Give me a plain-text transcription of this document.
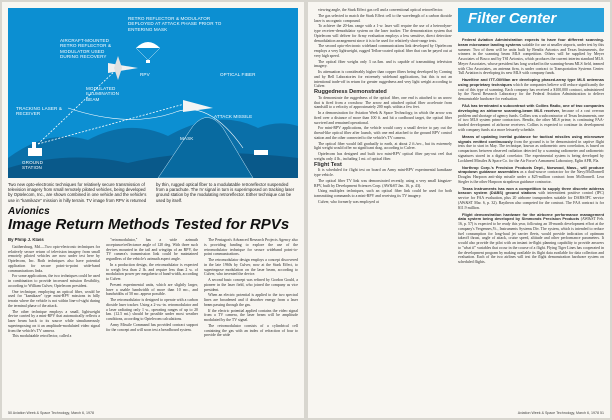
RETRO REFLECTOR & MODULATOR DEPLOYED AT ATTACK PHASE PRIOR TO ENTERING MASK
AIRCRAFT-MOUNTED RETRO REFLECTOR & MODULATOR USED DURING RECOVERY
OPTICAL FIBER
MODULATED ILLUMINATION BEAM
TRACKING LASER & RECEIVER
GROUND STATION
MASK
ATTACK MISSILE
RPV
Two new opto-electronic techniques for relatively secure transmission of television imagery from small remotely piloted vehicles, being developed by Optelecom, Inc., are shown combined in one vehicle and the vehicle's use in "kamikaze" mission in hilly terrain. TV image from RPV is returned by thin, rugged optical fiber to a modulatable retroreflector suspended from a parachute. The IV signal in turn is superimposed on tracking laser ground station by the modulating retroreflector. Either technique can be used by itself.
Avionics
Image Return Methods Tested for RPVs
By Philip J. Klass

Gaithersburg, Md.—Two opto-electronic techniques for relatively secure return of television imagery from small remotely piloted vehicles are now under test here by Optelecom, Inc. Both techniques also have potential application for secure point-to-point wide-band communications links.

For some applications, the two techniques could be used in combination to provide increased mission flexibility, according to William Culver, Optelecom president.

One technique, employing an optical fiber, would be used for "kamikaze" type mini-RPV missions in hilly terrain where the vehicle is not within line-of-sight during the terminal phase of the attack.

The other technique employs a small, lightweight device carried by a mini-RPV that automatically reflects a laser beam back to its source while simultaneously superimposing on it an amplitude-modulated video signal from the vehicle's TV camera.

This modulatable retroflector, called a

"retromodulator," has a wide azimuth acceptance/reflectance angle of 120 deg. With three such devices mounted in the tail and wingtips of an RPV, the TV camera's transmission link could be maintained regardless of the vehicle's azimuth aspect angle.

In a production design, the retromodulator is expected to weigh less than 2 lb. and require less than 2 w. of modulation power per megahertz of band-width, according to Culver.

Present experimental units, which are slightly larger, have a usable bandwidth of more than 10 mc., and bandwidths of 50 mc. appear possible.

The retromodulator is designed to operate with a carbon dioxide laser tracker. Using a 2-cu.-in. retromodulator and a laser radiating only 1 w., operating ranges of up to 20 km. (12.5 mi.) should be possible under most weather conditions, according to Optelecom calculations.

Army Missile Command has provided contract support for the concept and will soon test a breadboard system.

The Pentagon's Advanced Research Projects Agency also is providing funding to explore the use of the retromodulator technique for secure wideband point-to-point communications.

The retromodulator design employs a concept discovered in the late 1960s by Culver, now at the Stark Effect, to superimpose modulation on the laser beam, according to Culver, who invented the device.

A second basic concept was refined by Gordon Gould, a pioneer in the laser field, who joined the company as vice president.

When an electric potential is applied to the two spectral lines are broadened and if absorber energy from a laser beam passing through the gas.

If the electric potential applied contains the video signal from a TV camera, the laser beam will be amplitude modulated by the TV signal.

The retromodulator consists of a cylindrical cell containing the gas with an index of refraction of four to provide the wide

50 Aviation Week & Space Technology, March 6, 1978

viewing angle, the Stark Effect gas cell and a conventional optical retroreflector.

The gas selected to match the Stark Effect cell to the wavelength of a carbon dioxide laser is an organic compound.

To achieve the 20-km. range with a 1-w. laser will require the use of a heterodyne-type receiver-demodulator system on the laser tracker. The demonstration system that Optelecom will deliver for Army evaluation employs a less sensitive, direct detection-demodulation arrangement since it is to be used for relatively short-range tests.

The second opto-electronic wideband communications link developed by Optelecom employs a very lightweight, rugged Teflon-coated optical fiber that can be payed out at very high speed.

The optical fiber weighs only 3 oz./km. and is capable of transmitting television imagery.

Its attenuation is considerably higher than copper fibers being developed by Corning and by Bell Laboratories for extremely wideband applications, but this is not an intentional trade-off in return for greater ruggedness and very light weight according to Culver.

Ruggedness Demonstrated

To demonstrate the ruggedness of the optical fiber, one end is attached to an arrow that is fired from a crossbow. The arrow and attached optical fiber accelerate from standstill to a velocity of approximately 200 mph. within a few feet.

In a demonstration for Aviation Week & Space Technology, in which the arrow was fired over a distance of more than 100 ft. and hit a cardboard target, the optical fiber survived and remained operational.

For mini-RPV applications, the vehicle would carry a small device to pay out the thread-like optical fiber after launch, with one end attached to the ground RPV control station and the other connected to the vehicle's TV camera.

The optical fiber would fall gradually to earth, at about 2 ft./sec., but its extremely light weight would offer no significant drag, according to Culver.

Optelecom has designed and built two mini-RPV optical fiber pay-out reel that weighs only 4 lb., including 1 mi. of optical fiber.

Flight Test

It is scheduled for flight test on board an Army mini-RPV experimental kamikaze type vehicle.

The optical fiber TV link was demonstrated recently, using a very small kingsize-RPV, built by Development Sciences Corp. (AW&ST Jan. 16, p. 43).

Using multiplex techniques, such an optical fiber link could be used for both transmitting commands to a mini-RPV and receiving its TV imagery.

Culver, who formerly was employed at

Filter Center

Federal Aviation Administration expects to have four different scanning-beam microwave landing systems suitable for use at smaller airports, under test by this summer. Two of them will be units built by Bendix Avionics and Texas Instruments, the winners in the scanning beam MLS competition. Others will be supplied by Meyer Associates of Bosco and by TSI Avionics, which produces the current interim standard MLS. Meyer Associates, whose president has long worked in the scanning-beam MLS field, teamed with Cha Associates, an antenna firm, is under contract to Transportation Systems Center. Tull Aviation is developing its new MLS with company funds.

Hazeltine and ITT-Gilfillan are developing phased-array type MLS antennas using proprietary techniques which the companies believe will reduce significantly the cost of this type of scanning. Each company has received a $100,000 contract, administered by the Naval Research Laboratory for the Federal Aviation Administration to deliver demonstrable hardware for evaluation.

FAA has terminated a subcontract with Collins Radio, one of two companies developing an airborne scanning-beam MLS receiver, because of a cost overrun problem and shortage of agency funds. Collins was a subcontractor of Texas Instruments, one of two MLS system prime contractors. Bendix, the other MLS prime, is continuing FAA-funded development of airborne receivers. Collins is expected to continue its development with company funds at a more leisurely schedule.

Means of updating inertial guidance for tactical missiles using microwave signals emitted continuously from the ground is to be demonstrated in captive flight tests due to start in May. The technique, known as radiometric area correlation, is based on comparisons between observed radiation detected by a scanning radiometer and radiometric signatures stored in a digital correlator. The experimental system is being developed by Lockheed Missiles & Space Co. for the Air Force's Armament Laboratory, Eglin AFB, Fla.

Northrop Corp.'s Precision Products Dept., Norwood, Mass., will produce strapdown guidance assemblies as a dual-source contractor for the Navy/McDonnell Douglas Harpoon anti-ship missile under a $25-million contract from McDonnell. Lear Siegler is the other Harpoon strapdown guidance contractor.

Texas Instruments has won a competition to supply three discrete address beacon system (DABS) ground stations with intermittent positive control (IPC) service for FAA evaluation, plus 20 airborne transponders suitable for DABS/IPC service (AW&ST Mar. 6, p. 32). Raytheon also competed for the contract. The FAA contract is for $11.9 million.

Flight demonstration hardware for the airborne performance management data system being developed by Simmonds Precision Products (AW&ST Feb. 16, p. 57) is expected to be ready this year, following an 18-month development effort at the company's Vergennes,Vt., Instruments Systems Div. The system, which is intended to reduce fuel consumption for long-haul jet carrier fleets, would provide indication of optimum takeoff thrust, angle of attack, cruise speed, altitude and other performance parameters. It would also provide the pilot with an instant in-flight planning capability to provide answers to "what if" variables that occur in the course of a flight. Flying Tiger Lines has cooperated in the development program by making available its flight data available for data collection and evaluation. Each of the two airlines will test the flight demonstration hardware system on scheduled flights.

Aviation Week & Space Technology, March 6, 1978 51
